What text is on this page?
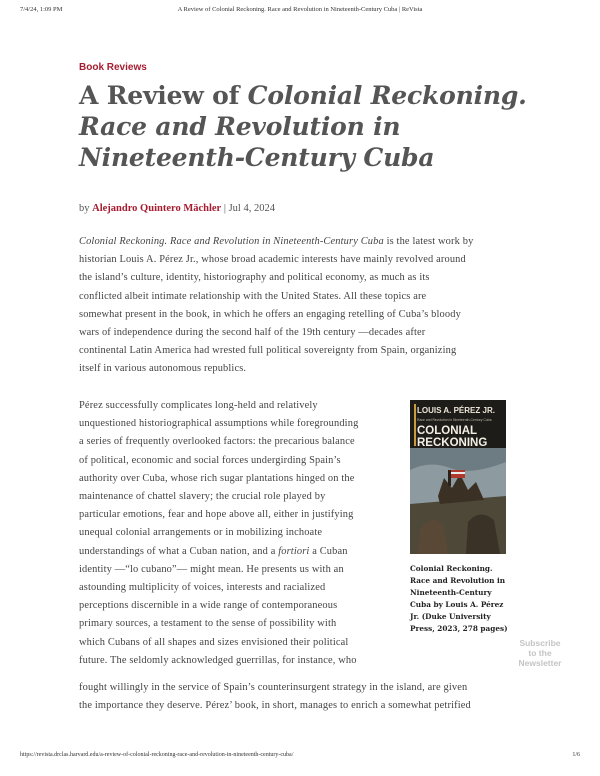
7/4/24, 1:09 PM	A Review of Colonial Reckoning. Race and Revolution in Nineteenth-Century Cuba | ReVista
Book Reviews
A Review of Colonial Reckoning.
Race and Revolution in
Nineteenth-Century Cuba
by Alejandro Quintero Mächler | Jul 4, 2024
Colonial Reckoning. Race and Revolution in Nineteenth-Century Cuba is the latest work by
historian Louis A. Pérez Jr., whose broad academic interests have mainly revolved around
the island’s culture, identity, historiography and political economy, as much as its
conflicted albeit intimate relationship with the United States. All these topics are
somewhat present in the book, in which he offers an engaging retelling of Cuba’s bloody
wars of independence during the second half of the 19th century —decades after
continental Latin America had wrested full political sovereignty from Spain, organizing
itself in various autonomous republics.
Pérez successfully complicates long-held and relatively
unquestioned historiographical assumptions while foregrounding
a series of frequently overlooked factors: the precarious balance
of political, economic and social forces undergirding Spain’s
authority over Cuba, whose rich sugar plantations hinged on the
maintenance of chattel slavery; the crucial role played by
particular emotions, fear and hope above all, either in justifying
unequal colonial arrangements or in mobilizing inchoate
understandings of what a Cuban nation, and a fortiori a Cuban
identity —“lo cubano”— might mean. He presents us with an
astounding multiplicity of voices, interests and racialized
perceptions discernible in a wide range of contemporaneous
primary sources, a testament to the sense of possibility with
which Cubans of all shapes and sizes envisioned their political
future. The seldomly acknowledged guerrillas, for instance, who
fought willingly in the service of Spain’s counterinsurgent strategy in the island, are given
the importance they deserve. Pérez’ book, in short, manages to enrich a somewhat petrified
LOUIS A. PÉREZ JR.
Race and Revolution in Nineteenth-Century Cuba
COLONIAL
RECKONING
Colonial Reckoning.
Race and Revolution in
Nineteenth-Century
Cuba by Louis A. Pérez
Jr. (Duke University
Press, 2023, 278 pages)
Subscribe
to the
Newsletter
https://revista.drclas.harvard.edu/a-review-of-colonial-reckoning-race-and-revolution-in-nineteenth-century-cuba/	1/6
